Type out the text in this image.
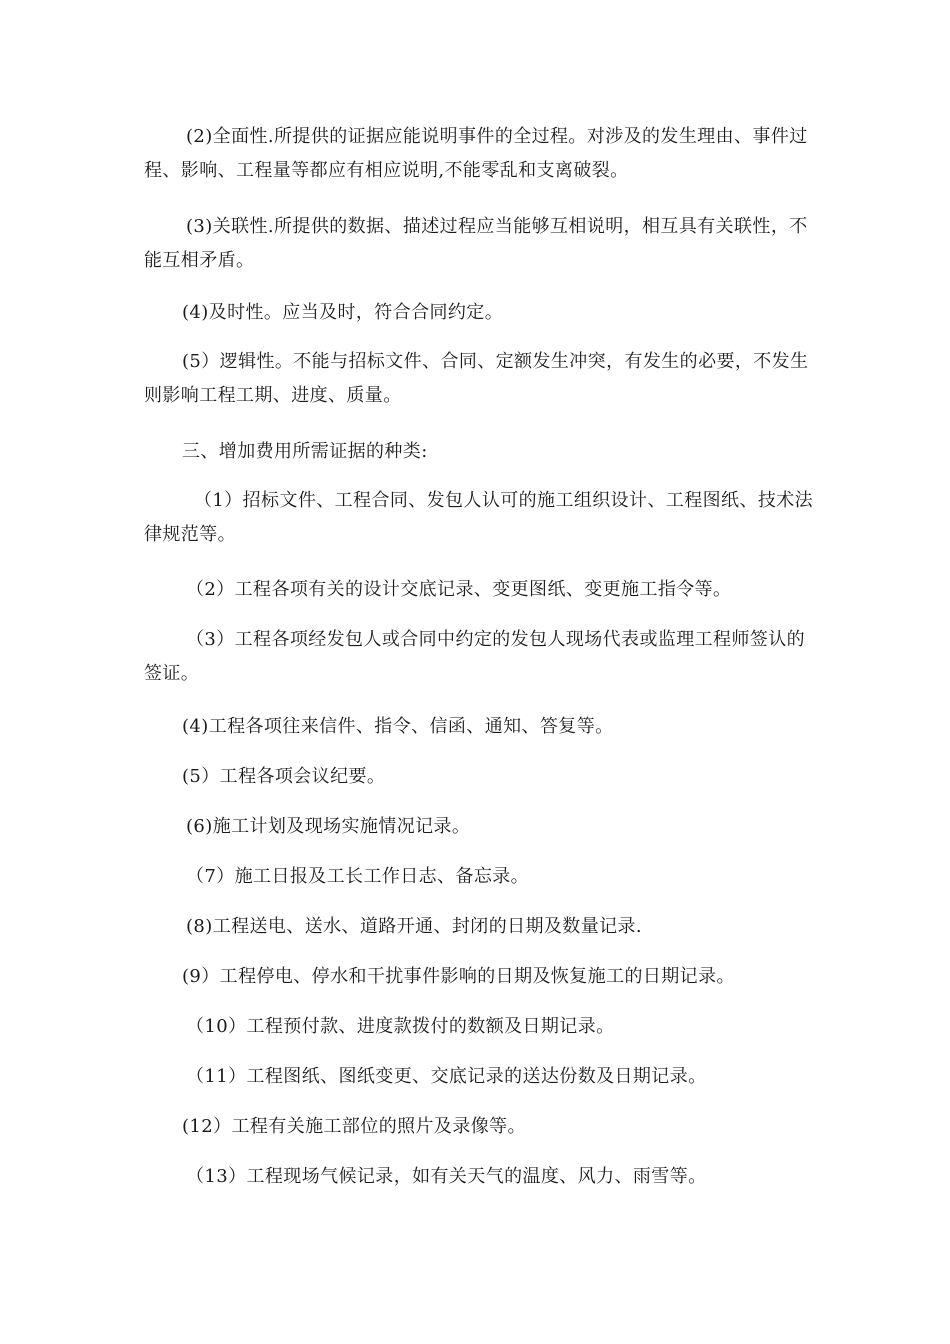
(2)全面性.所提供的证据应能说明事件的全过程。对涉及的发生理由、事件过程、影响、工程量等都应有相应说明,不能零乱和支离破裂。

(3)关联性.所提供的数据、描述过程应当能够互相说明，相互具有关联性，不能互相矛盾。

(4)及时性。应当及时，符合合同约定。

(5）逻辑性。不能与招标文件、合同、定额发生冲突，有发生的必要，不发生则影响工程工期、进度、质量。

三、增加费用所需证据的种类:

（1）招标文件、工程合同、发包人认可的施工组织设计、工程图纸、技术法律规范等。

（2）工程各项有关的设计交底记录、变更图纸、变更施工指令等。

（3）工程各项经发包人或合同中约定的发包人现场代表或监理工程师签认的签证。

(4)工程各项往来信件、指令、信函、通知、答复等。

(5）工程各项会议纪要。

(6)施工计划及现场实施情况记录。

（7）施工日报及工长工作日志、备忘录。

(8)工程送电、送水、道路开通、封闭的日期及数量记录.

(9）工程停电、停水和干扰事件影响的日期及恢复施工的日期记录。

（10）工程预付款、进度款拨付的数额及日期记录。

（11）工程图纸、图纸变更、交底记录的送达份数及日期记录。

(12）工程有关施工部位的照片及录像等。

（13）工程现场气候记录，如有关天气的温度、风力、雨雪等。
